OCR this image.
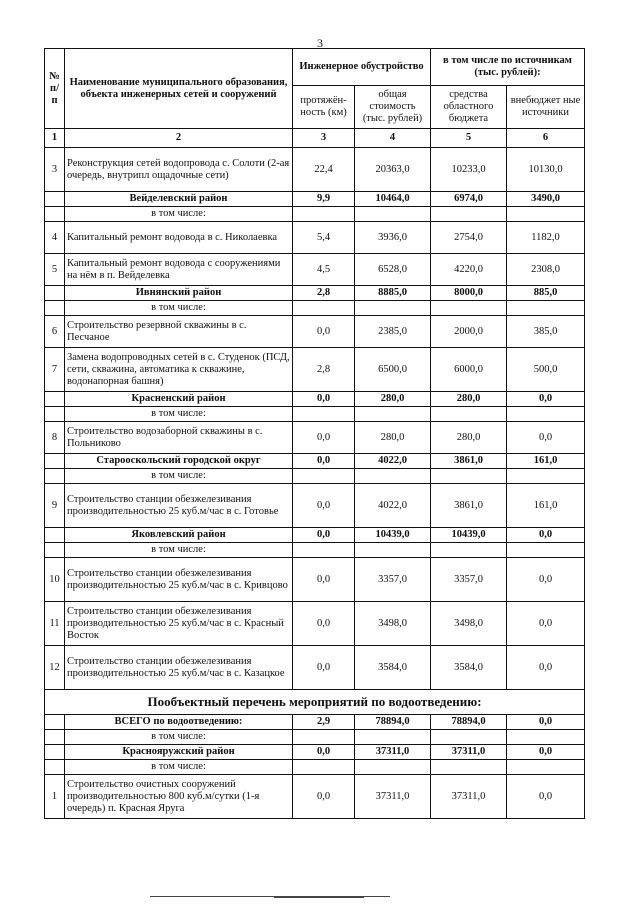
3
№ п/п	Наименование муниципального образования, объекта инженерных сетей и сооружений	Инженерное обустройство		в том числе по источникам (тыс. рублей):	
		протяжён-ность (км)	общая стоимость (тыс. рублей)	средства областного бюджета	внебюджет ные источники
1	2	3	4	5	6
3	Реконструкция сетей водопровода с. Солоти (2-ая очередь, внутрипл ощадочные сети)	22,4	20363,0	10233,0	10130,0
	Вейделевский район	9,9	10464,0	6974,0	3490,0
	в том числе:				
4	Капитальный ремонт водовода в с. Николаевка	5,4	3936,0	2754,0	1182,0
5	Капитальный ремонт водовода с сооружениями на нём в п. Вейделевка	4,5	6528,0	4220,0	2308,0
	Ивнянский район	2,8	8885,0	8000,0	885,0
	в том числе:				
6	Строительство резервной скважины в с. Песчаное	0,0	2385,0	2000,0	385,0
7	Замена водопроводных сетей в с. Студенок (ПСД, сети, скважина, автоматика к скважине, водонапорная башня)	2,8	6500,0	6000,0	500,0
	Красненский район	0,0	280,0	280,0	0,0
	в том числе:				
8	Строительство водозаборной скважины в с. Польниково	0,0	280,0	280,0	0,0
	Старооскольский городской округ	0,0	4022,0	3861,0	161,0
	в том числе:				
9	Строительство станции обезжелезивания производительностью 25 куб.м/час в с. Готовье	0,0	4022,0	3861,0	161,0
	Яковлевский район	0,0	10439,0	10439,0	0,0
	в том числе:				
10	Строительство станции обезжелезивания производительностью 25 куб.м/час в с. Кривцово	0,0	3357,0	3357,0	0,0
11	Строительство станции обезжелезивания производительностью 25 куб.м/час в с. Красный Восток	0,0	3498,0	3498,0	0,0
12	Строительство станции обезжелезивания производительностью 25 куб.м/час в с. Казацкое	0,0	3584,0	3584,0	0,0
Пообъектный перечень мероприятий по водоотведению:					
	ВСЕГО по водоотведению:	2,9	78894,0	78894,0	0,0
	в том числе:				
	Краснояружский район	0,0	37311,0	37311,0	0,0
	в том числе:				
1	Строительство очистных сооружений производительностью 800 куб.м/сутки (1-я очередь) п. Красная Яруга	0,0	37311,0	37311,0	0,0
